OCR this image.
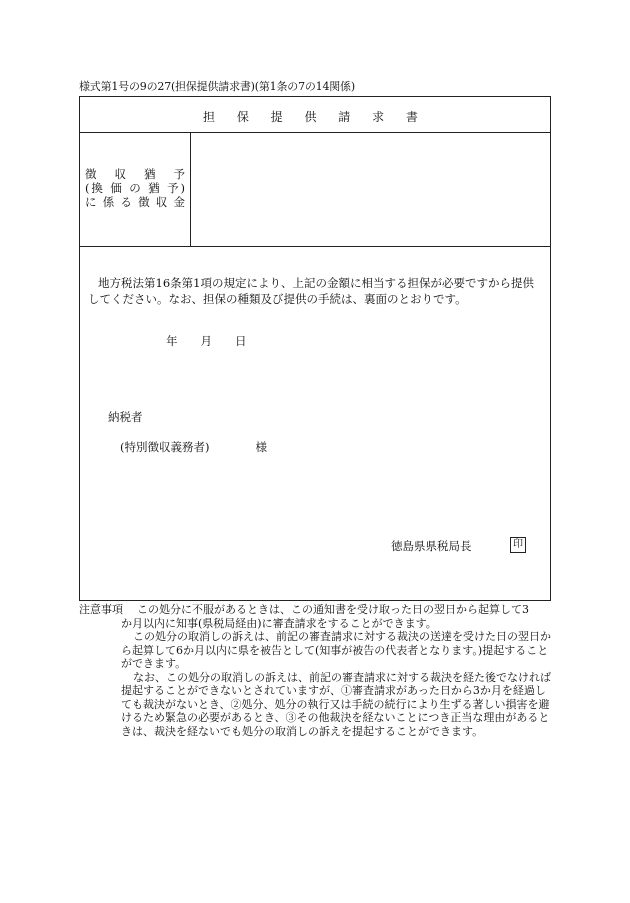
様式第1号の9の27(担保提供請求書)(第1条の7の14関係)
担 保 提 供 請 求 書
徴 収 猶 予
(換 価 の 猶 予)
に 係 る 徴 収 金
地方税法第16条第1項の規定により、上記の金額に相当する担保が必要ですから提供してください。なお、担保の種類及び提供の手続は、裏面のとおりです。
年　　月　　日
納税者
(特別徴収義務者)　　　　様
徳島県県税局長	印
注意事項 この処分に不服があるときは、この通知書を受け取った日の翌日から起算して3
か月以内に知事(県税局経由)に審査請求をすることができます。
この処分の取消しの訴えは、前記の審査請求に対する裁決の送達を受けた日の翌日から起算して6か月以内に県を被告として(知事が被告の代表者となります。)提起することができます。
なお、この処分の取消しの訴えは、前記の審査請求に対する裁決を経た後でなければ提起することができないとされていますが、①審査請求があった日から3か月を経過しても裁決がないとき、②処分、処分の執行又は手続の続行により生ずる著しい損害を避けるため緊急の必要があるとき、③その他裁決を経ないことにつき正当な理由があるときは、裁決を経ないでも処分の取消しの訴えを提起することができます。
